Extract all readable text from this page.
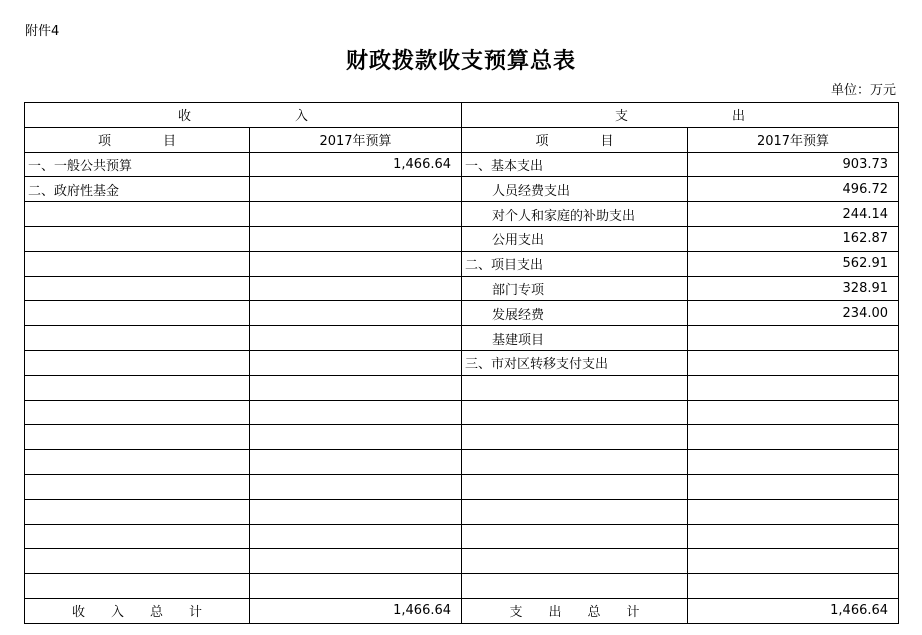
附件4
财政拨款收支预算总表
单位：万元
收　　　　　　　　入		支　　　　　　　　出	
项　　　　目	2017年预算	项　　　　目	2017年预算
一、一般公共预算	1,466.64	一、基本支出	903.73
二、政府性基金		人员经费支出	496.72
		对个人和家庭的补助支出	244.14
		公用支出	162.87
		二、项目支出	562.91
		部门专项	328.91
		发展经费	234.00
		基建项目	
		三、市对区转移支付支出	

收　　入　　总　　计	1,466.64	支　　出　　总　　计	1,466.64
